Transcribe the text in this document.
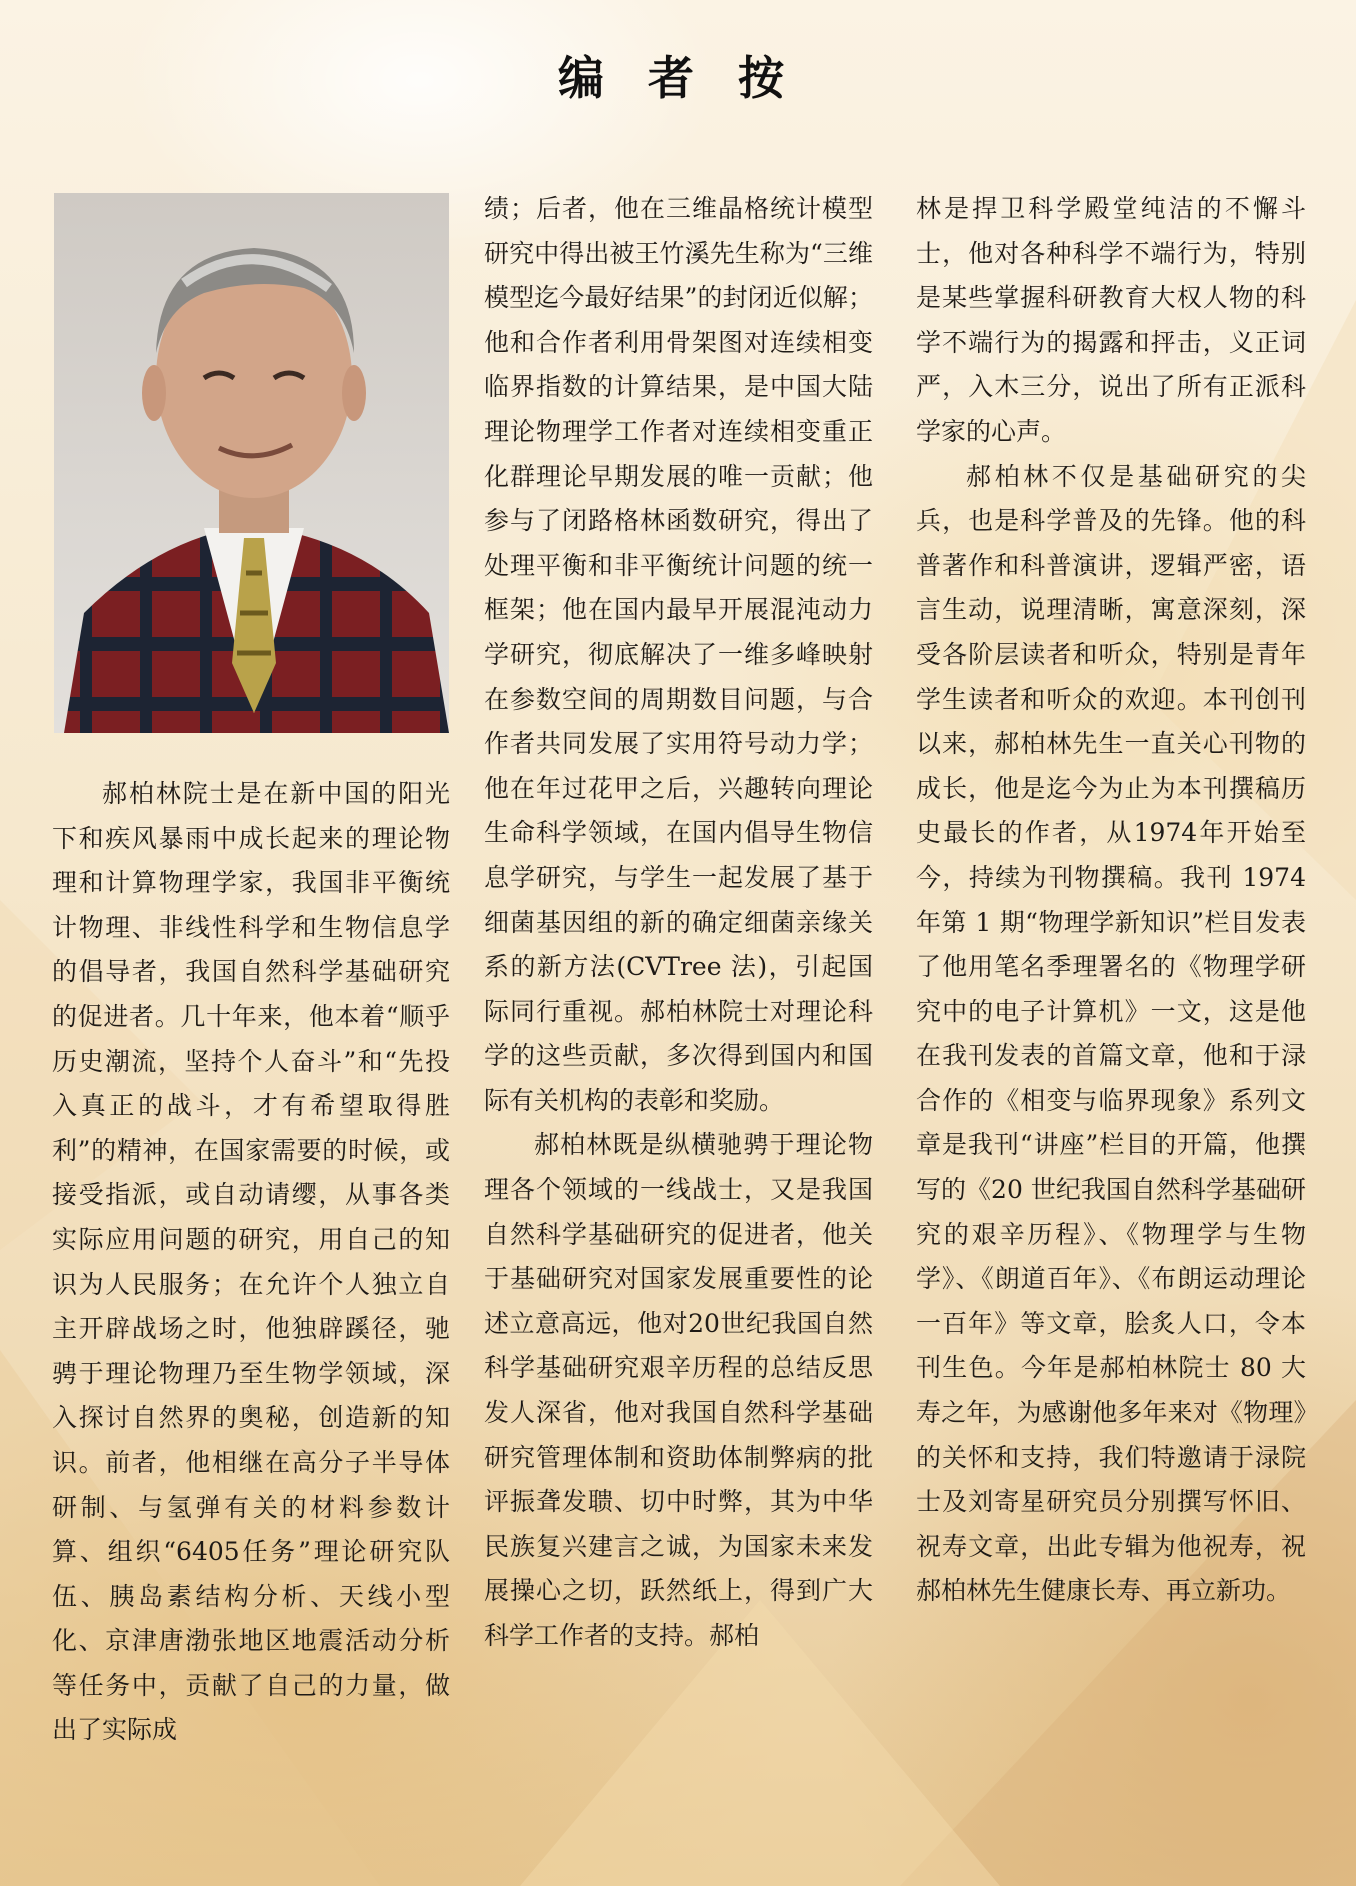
编 者 按

郝柏林院士是在新中国的阳光下和疾风暴雨中成长起来的理论物理和计算物理学家，我国非平衡统计物理、非线性科学和生物信息学的倡导者，我国自然科学基础研究的促进者。几十年来，他本着“顺乎历史潮流，坚持个人奋斗”和“先投入真正的战斗，才有希望取得胜利”的精神，在国家需要的时候，或接受指派，或自动请缨，从事各类实际应用问题的研究，用自己的知识为人民服务；在允许个人独立自主开辟战场之时，他独辟蹊径，驰骋于理论物理乃至生物学领域，深入探讨自然界的奥秘，创造新的知识。前者，他相继在高分子半导体研制、与氢弹有关的材料参数计算、组织“6405任务”理论研究队伍、胰岛素结构分析、天线小型化、京津唐渤张地区地震活动分析等任务中，贡献了自己的力量，做出了实际成

绩；后者，他在三维晶格统计模型研究中得出被王竹溪先生称为“三维模型迄今最好结果”的封闭近似解；他和合作者利用骨架图对连续相变临界指数的计算结果，是中国大陆理论物理学工作者对连续相变重正化群理论早期发展的唯一贡献；他参与了闭路格林函数研究，得出了处理平衡和非平衡统计问题的统一框架；他在国内最早开展混沌动力学研究，彻底解决了一维多峰映射在参数空间的周期数目问题，与合作者共同发展了实用符号动力学；他在年过花甲之后，兴趣转向理论生命科学领域，在国内倡导生物信息学研究，与学生一起发展了基于细菌基因组的新的确定细菌亲缘关系的新方法(CVTree 法)，引起国际同行重视。郝柏林院士对理论科学的这些贡献，多次得到国内和国际有关机构的表彰和奖励。

郝柏林既是纵横驰骋于理论物理各个领域的一线战士，又是我国自然科学基础研究的促进者，他关于基础研究对国家发展重要性的论述立意高远，他对20世纪我国自然科学基础研究艰辛历程的总结反思发人深省，他对我国自然科学基础研究管理体制和资助体制弊病的批评振聋发聩、切中时弊，其为中华民族复兴建言之诚，为国家未来发展操心之切，跃然纸上，得到广大科学工作者的支持。郝柏

林是捍卫科学殿堂纯洁的不懈斗士，他对各种科学不端行为，特别是某些掌握科研教育大权人物的科学不端行为的揭露和抨击，义正词严，入木三分，说出了所有正派科学家的心声。

郝柏林不仅是基础研究的尖兵，也是科学普及的先锋。他的科普著作和科普演讲，逻辑严密，语言生动，说理清晰，寓意深刻，深受各阶层读者和听众，特别是青年学生读者和听众的欢迎。本刊创刊以来，郝柏林先生一直关心刊物的成长，他是迄今为止为本刊撰稿历史最长的作者，从1974年开始至今，持续为刊物撰稿。我刊 1974 年第 1 期“物理学新知识”栏目发表了他用笔名季理署名的《物理学研究中的电子计算机》一文，这是他在我刊发表的首篇文章，他和于渌合作的《相变与临界现象》系列文章是我刊“讲座”栏目的开篇，他撰写的《20 世纪我国自然科学基础研究的艰辛历程》、《物理学与生物学》、《朗道百年》、《布朗运动理论一百年》等文章，脍炙人口，令本刊生色。今年是郝柏林院士 80 大寿之年，为感谢他多年来对《物理》的关怀和支持，我们特邀请于渌院士及刘寄星研究员分别撰写怀旧、祝寿文章，出此专辑为他祝寿，祝郝柏林先生健康长寿、再立新功。
